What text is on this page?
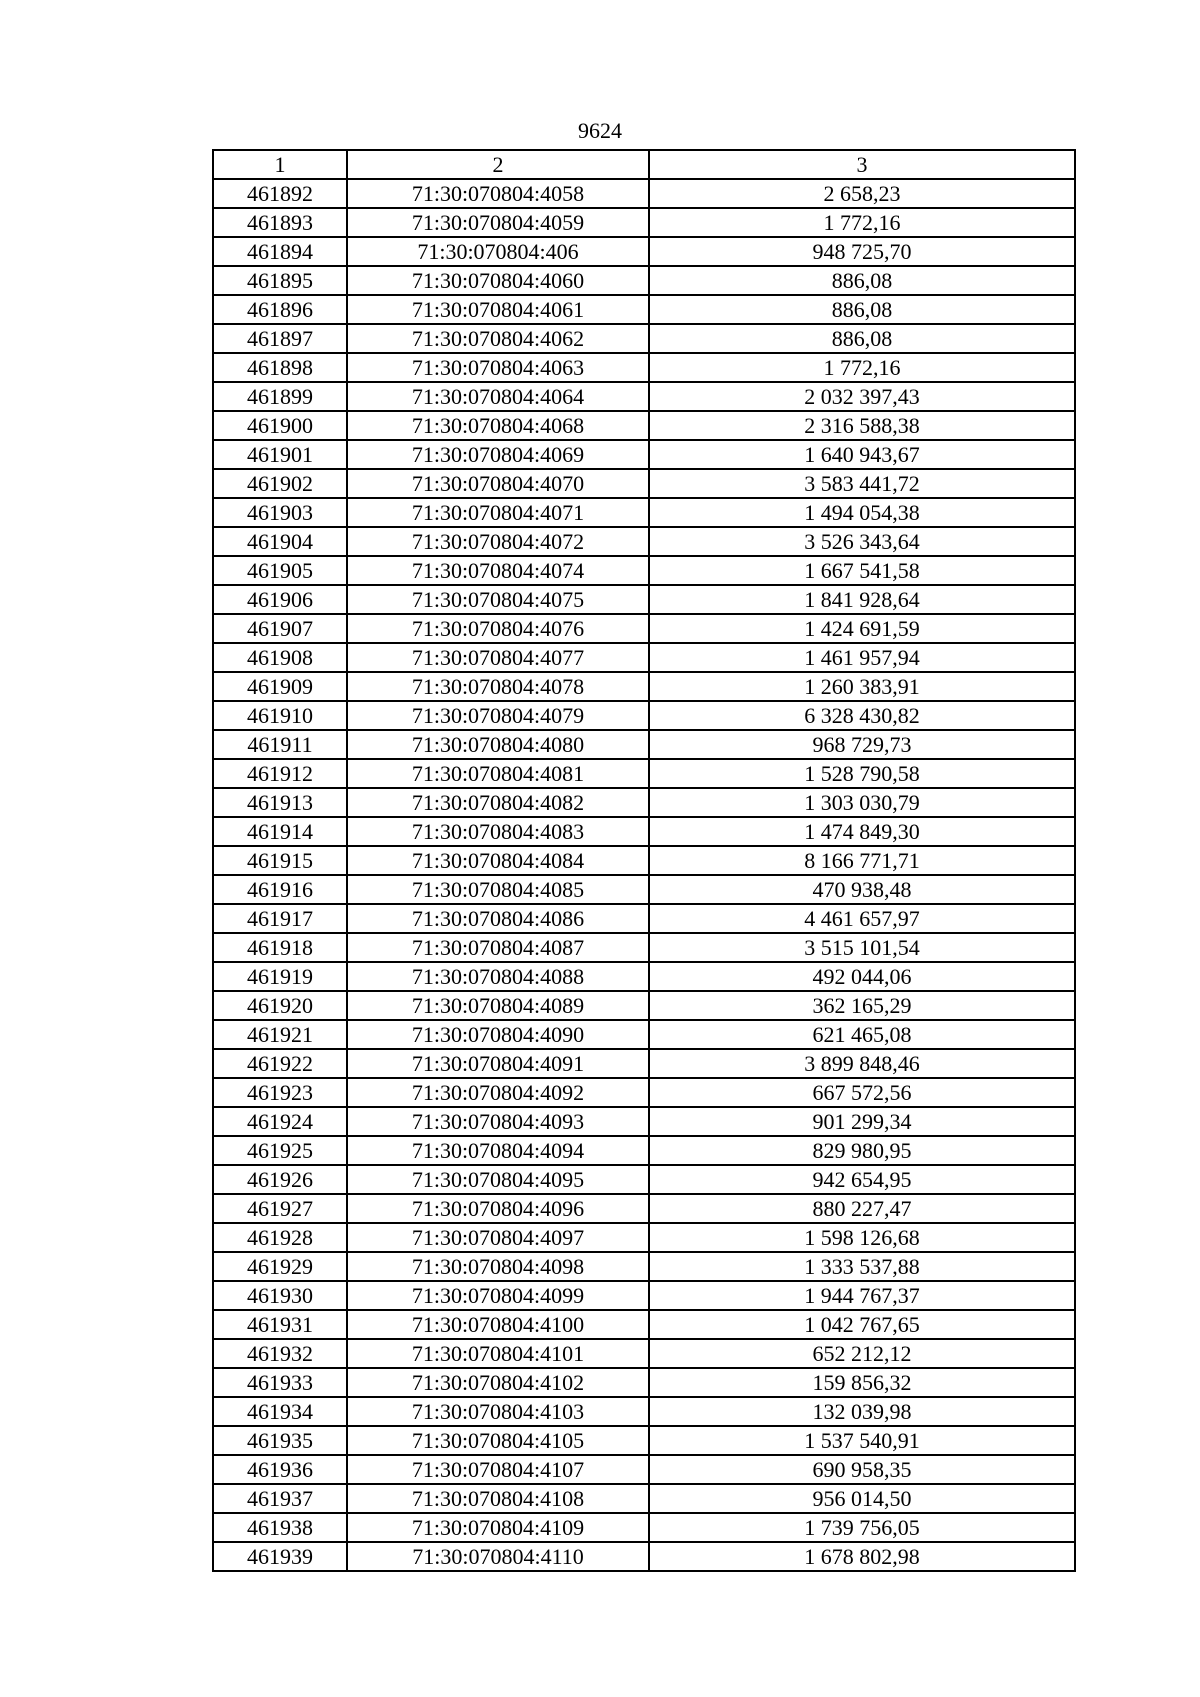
9624
1	2	3
461892	71:30:070804:4058	2 658,23
461893	71:30:070804:4059	1 772,16
461894	71:30:070804:406	948 725,70
461895	71:30:070804:4060	886,08
461896	71:30:070804:4061	886,08
461897	71:30:070804:4062	886,08
461898	71:30:070804:4063	1 772,16
461899	71:30:070804:4064	2 032 397,43
461900	71:30:070804:4068	2 316 588,38
461901	71:30:070804:4069	1 640 943,67
461902	71:30:070804:4070	3 583 441,72
461903	71:30:070804:4071	1 494 054,38
461904	71:30:070804:4072	3 526 343,64
461905	71:30:070804:4074	1 667 541,58
461906	71:30:070804:4075	1 841 928,64
461907	71:30:070804:4076	1 424 691,59
461908	71:30:070804:4077	1 461 957,94
461909	71:30:070804:4078	1 260 383,91
461910	71:30:070804:4079	6 328 430,82
461911	71:30:070804:4080	968 729,73
461912	71:30:070804:4081	1 528 790,58
461913	71:30:070804:4082	1 303 030,79
461914	71:30:070804:4083	1 474 849,30
461915	71:30:070804:4084	8 166 771,71
461916	71:30:070804:4085	470 938,48
461917	71:30:070804:4086	4 461 657,97
461918	71:30:070804:4087	3 515 101,54
461919	71:30:070804:4088	492 044,06
461920	71:30:070804:4089	362 165,29
461921	71:30:070804:4090	621 465,08
461922	71:30:070804:4091	3 899 848,46
461923	71:30:070804:4092	667 572,56
461924	71:30:070804:4093	901 299,34
461925	71:30:070804:4094	829 980,95
461926	71:30:070804:4095	942 654,95
461927	71:30:070804:4096	880 227,47
461928	71:30:070804:4097	1 598 126,68
461929	71:30:070804:4098	1 333 537,88
461930	71:30:070804:4099	1 944 767,37
461931	71:30:070804:4100	1 042 767,65
461932	71:30:070804:4101	652 212,12
461933	71:30:070804:4102	159 856,32
461934	71:30:070804:4103	132 039,98
461935	71:30:070804:4105	1 537 540,91
461936	71:30:070804:4107	690 958,35
461937	71:30:070804:4108	956 014,50
461938	71:30:070804:4109	1 739 756,05
461939	71:30:070804:4110	1 678 802,98
